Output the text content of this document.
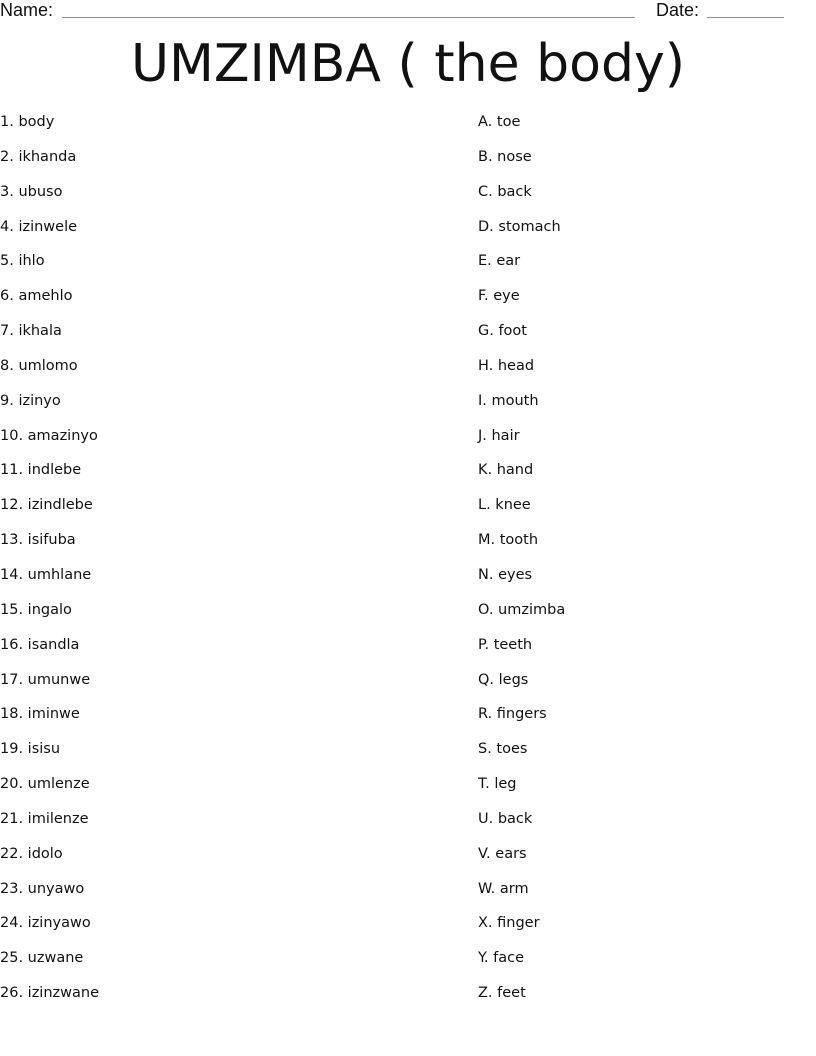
Name:	Date:
UMZIMBA ( the body)
1. body
2. ikhanda
3. ubuso
4. izinwele
5. ihlo
6. amehlo
7. ikhala
8. umlomo
9. izinyo
10. amazinyo
11. indlebe
12. izindlebe
13. isifuba
14. umhlane
15. ingalo
16. isandla
17. umunwe
18. iminwe
19. isisu
20. umlenze
21. imilenze
22. idolo
23. unyawo
24. izinyawo
25. uzwane
26. izinzwane
A. toe
B. nose
C. back
D. stomach
E. ear
F. eye
G. foot
H. head
I. mouth
J. hair
K. hand
L. knee
M. tooth
N. eyes
O. umzimba
P. teeth
Q. legs
R. fingers
S. toes
T. leg
U. back
V. ears
W. arm
X. finger
Y. face
Z. feet
